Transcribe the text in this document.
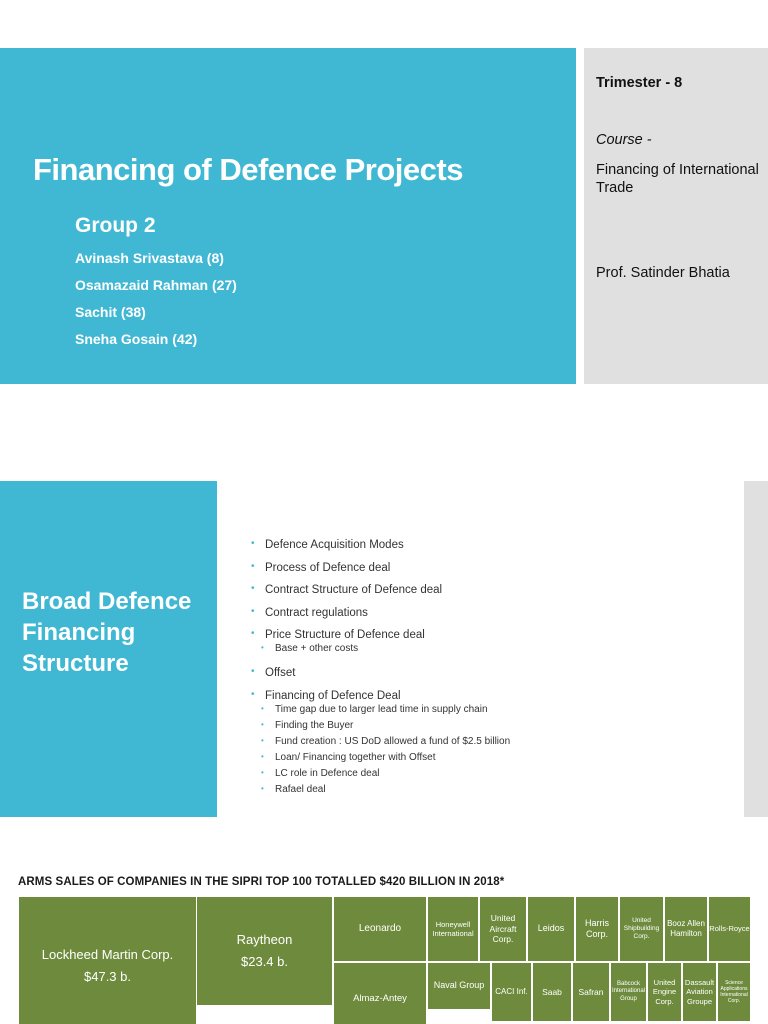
Financing of Defence Projects
Group 2
Avinash Srivastava (8)
Osamazaid Rahman (27)
Sachit (38)
Sneha Gosain (42)
Trimester - 8
Course -
Financing of International Trade
Prof. Satinder Bhatia
Broad Defence Financing Structure
• Defence Acquisition Modes
• Process of Defence deal
• Contract Structure of Defence deal
• Contract regulations
• Price Structure of Defence deal
• Base + other costs
• Offset
• Financing of Defence Deal
• Time gap due to larger lead time in supply chain
• Finding the Buyer
• Fund creation : US DoD allowed a fund of $2.5 billion
• Loan/ Financing together with Offset
• LC role in Defence deal
• Rafael deal
ARMS SALES OF COMPANIES IN THE SIPRI TOP 100 TOTALLED $420 BILLION IN 2018*
Lockheed Martin Corp.
$47.3 b.
Raytheon
$23.4 b.
Leonardo
Almaz-Antey
Honeywell International
United Aircraft Corp.
Leidos
Harris Corp.
United Shipbuilding Corp.
Booz Allen Hamilton
Rolls-Royce
Naval Group
CACI Inf. Saab Safran
Babcock International Group
United Engine Corp.
Dassault Aviation Groupe
Science Applications International Corp.
